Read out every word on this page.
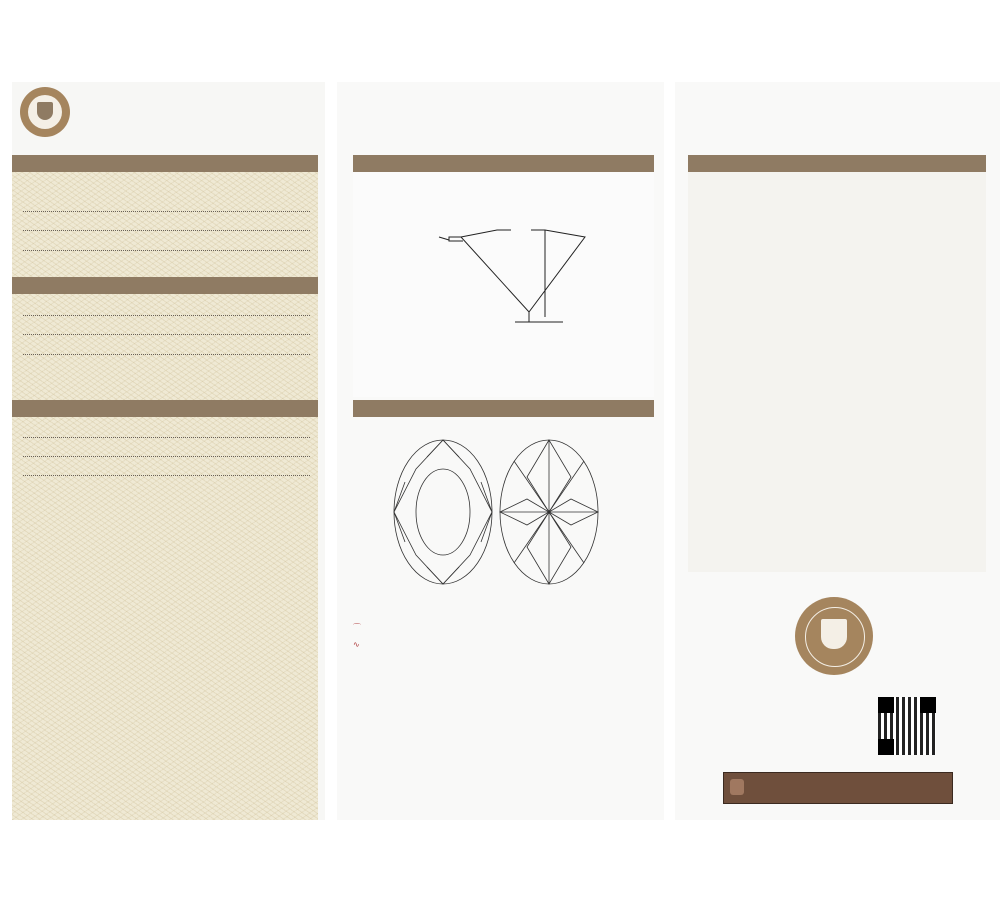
⌒
∿
